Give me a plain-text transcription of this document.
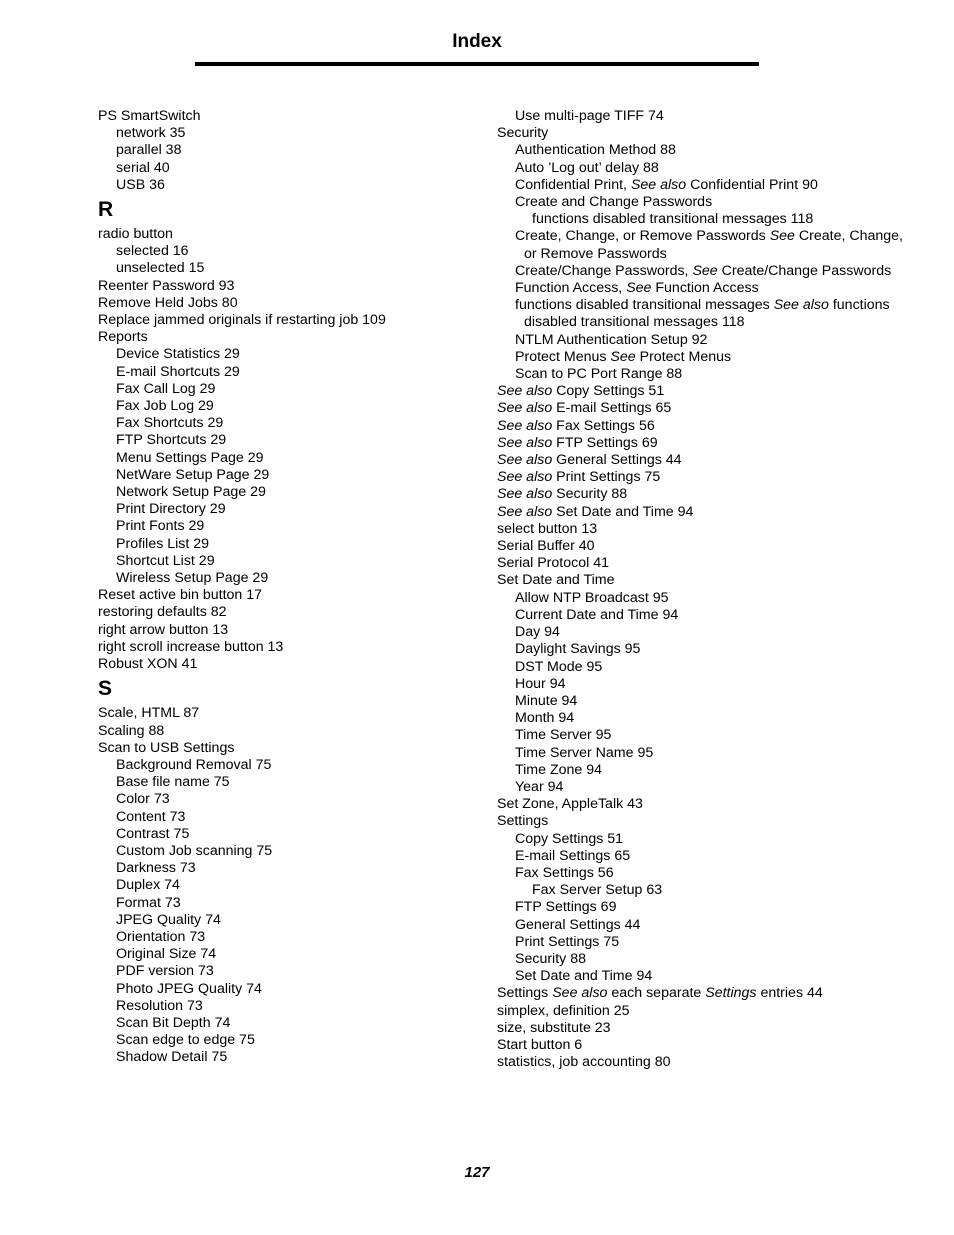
Index
PS SmartSwitch
network 35
parallel 38
serial 40
USB 36
R
radio button
selected 16
unselected 15
Reenter Password 93
Remove Held Jobs 80
Replace jammed originals if restarting job 109
Reports
Device Statistics 29
E-mail Shortcuts 29
Fax Call Log 29
Fax Job Log 29
Fax Shortcuts 29
FTP Shortcuts 29
Menu Settings Page 29
NetWare Setup Page 29
Network Setup Page 29
Print Directory 29
Print Fonts 29
Profiles List 29
Shortcut List 29
Wireless Setup Page 29
Reset active bin button 17
restoring defaults 82
right arrow button 13
right scroll increase button 13
Robust XON 41
S
Scale, HTML 87
Scaling 88
Scan to USB Settings
Background Removal 75
Base file name 75
Color 73
Content 73
Contrast 75
Custom Job scanning 75
Darkness 73
Duplex 74
Format 73
JPEG Quality 74
Orientation 73
Original Size 74
PDF version 73
Photo JPEG Quality 74
Resolution 73
Scan Bit Depth 74
Scan edge to edge 75
Shadow Detail 75
Use multi-page TIFF 74
Security
Authentication Method 88
Auto ’Log out’ delay 88
Confidential Print, See also Confidential Print 90
Create and Change Passwords
functions disabled transitional messages 118
Create, Change, or Remove Passwords See Create, Change, or Remove Passwords
Create/Change Passwords, See Create/Change Passwords
Function Access, See Function Access
functions disabled transitional messages See also functions disabled transitional messages 118
NTLM Authentication Setup 92
Protect Menus See Protect Menus
Scan to PC Port Range 88
See also Copy Settings 51
See also E-mail Settings 65
See also Fax Settings 56
See also FTP Settings 69
See also General Settings 44
See also Print Settings 75
See also Security 88
See also Set Date and Time 94
select button 13
Serial Buffer 40
Serial Protocol 41
Set Date and Time
Allow NTP Broadcast 95
Current Date and Time 94
Day 94
Daylight Savings 95
DST Mode 95
Hour 94
Minute 94
Month 94
Time Server 95
Time Server Name 95
Time Zone 94
Year 94
Set Zone, AppleTalk 43
Settings
Copy Settings 51
E-mail Settings 65
Fax Settings 56
Fax Server Setup 63
FTP Settings 69
General Settings 44
Print Settings 75
Security 88
Set Date and Time 94
Settings See also each separate Settings entries 44
simplex, definition 25
size, substitute 23
Start button 6
statistics, job accounting 80
127
